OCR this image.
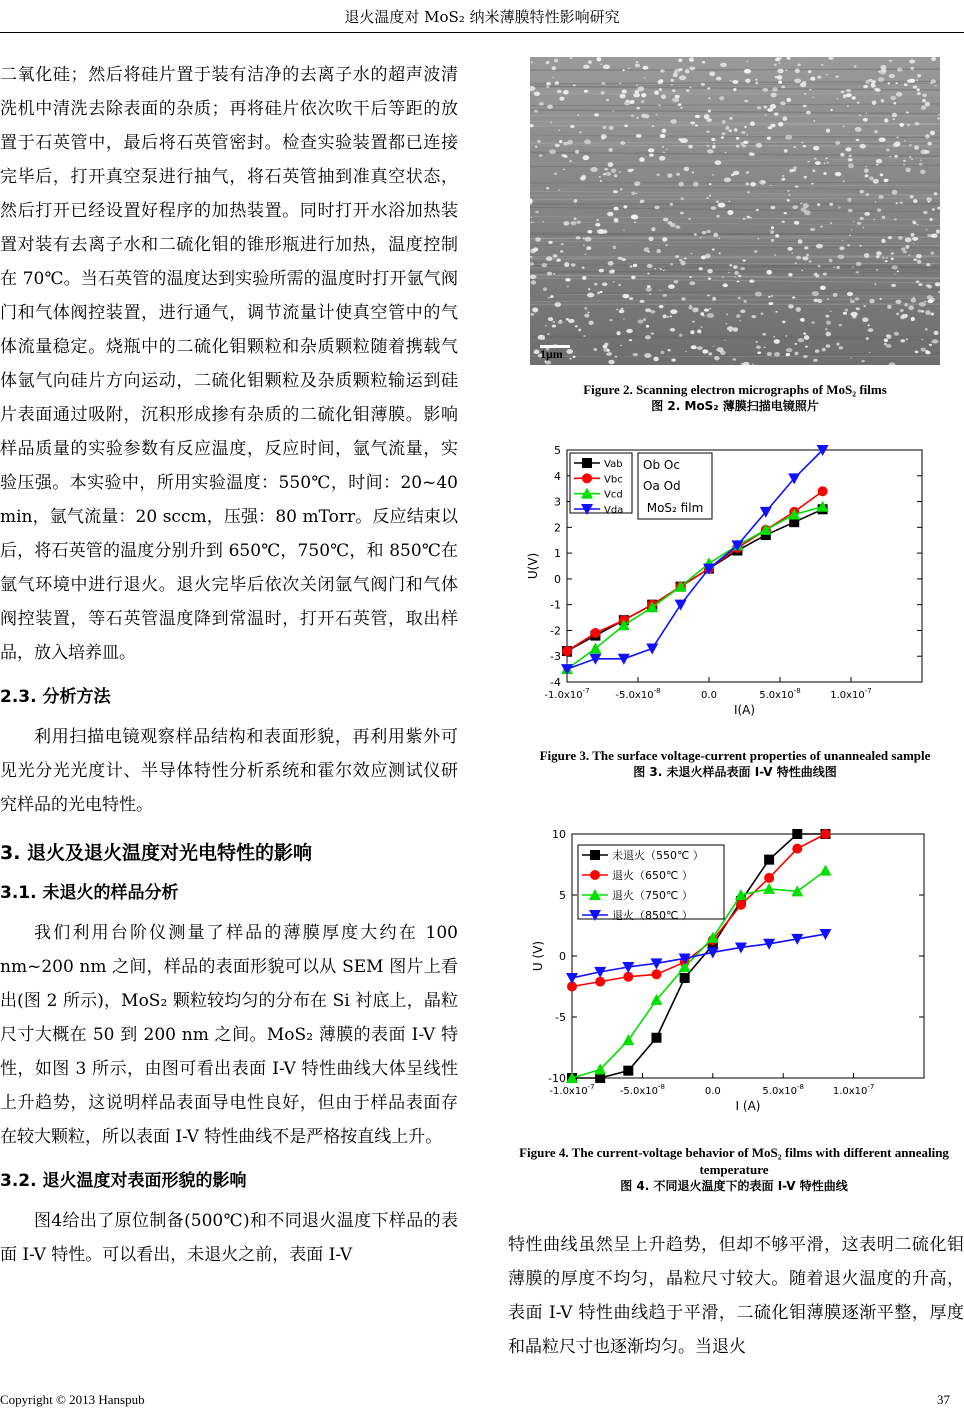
退火温度对 MoS₂ 纳米薄膜特性影响研究

二氧化硅；然后将硅片置于装有洁净的去离子水的超声波清洗机中清洗去除表面的杂质；再将硅片依次吹干后等距的放置于石英管中，最后将石英管密封。检查实验装置都已连接完毕后，打开真空泵进行抽气，将石英管抽到准真空状态，然后打开已经设置好程序的加热装置。同时打开水浴加热装置对装有去离子水和二硫化钼的锥形瓶进行加热，温度控制在 70℃。当石英管的温度达到实验所需的温度时打开氩气阀门和气体阀控装置，进行通气，调节流量计使真空管中的气体流量稳定。烧瓶中的二硫化钼颗粒和杂质颗粒随着携载气体氩气向硅片方向运动，二硫化钼颗粒及杂质颗粒输运到硅片表面通过吸附，沉积形成掺有杂质的二硫化钼薄膜。影响样品质量的实验参数有反应温度，反应时间，氩气流量，实验压强。本实验中，所用实验温度：550℃，时间：20~40 min，氩气流量：20 sccm，压强：80 mTorr。反应结束以后，将石英管的温度分别升到 650℃，750℃，和 850℃在氩气环境中进行退火。退火完毕后依次关闭氩气阀门和气体阀控装置，等石英管温度降到常温时，打开石英管，取出样品，放入培养皿。

2.3. 分析方法

利用扫描电镜观察样品结构和表面形貌，再利用紫外可见光分光光度计、半导体特性分析系统和霍尔效应测试仪研究样品的光电特性。

3. 退火及退火温度对光电特性的影响
3.1. 未退火的样品分析

我们利用台阶仪测量了样品的薄膜厚度大约在 100 nm~200 nm 之间，样品的表面形貌可以从 SEM 图片上看出(图 2 所示)，MoS₂ 颗粒较均匀的分布在 Si 衬底上，晶粒尺寸大概在 50 到 200 nm 之间。MoS₂ 薄膜的表面 I-V 特性，如图 3 所示，由图可看出表面 I-V 特性曲线大体呈线性上升趋势，这说明样品表面导电性良好，但由于样品表面存在较大颗粒，所以表面 I-V 特性曲线不是严格按直线上升。

3.2. 退火温度对表面形貌的影响

图4给出了原位制备(500℃)和不同退火温度下样品的表面 I-V 特性。可以看出，未退火之前，表面 I-V

1μm
Figure 2. Scanning electron micrographs of MoS₂ films
图 2. MoS₂ 薄膜扫描电镜照片
-4
-3
-2
-1
0
1
2
3
4
5
$-1.0x10^{-7}$	$-5.0x10^{-8}$	0.0	$5.0x10^{-8}$	$1.0x10^{-7}$
I(A)
U(V)
Vab
Vbc
Vcd
Vda
Ob Oc
Oa Od
MoS₂ film
Figure 3. The surface voltage-current properties of unannealed sample
图 3. 未退火样品表面 I-V 特性曲线图
-10
-5
0
5
10
$-1.0x10^{-7}$	$-5.0x10^{-8}$	0.0	$5.0x10^{-8}$	$1.0x10^{-7}$
I (A)
U (V)
未退火（550℃ ）
退火（650℃ ）
退火（750℃ ）
退火（850℃ ）
Figure 4. The current-voltage behavior of MoS₂ films with different annealing temperature
图 4. 不同退火温度下的表面 I-V 特性曲线
特性曲线虽然呈上升趋势，但却不够平滑，这表明二硫化钼薄膜的厚度不均匀，晶粒尺寸较大。随着退火温度的升高，表面 I-V 特性曲线趋于平滑，二硫化钼薄膜逐渐平整，厚度和晶粒尺寸也逐渐均匀。当退火
Copyright © 2013 Hanspub	37
